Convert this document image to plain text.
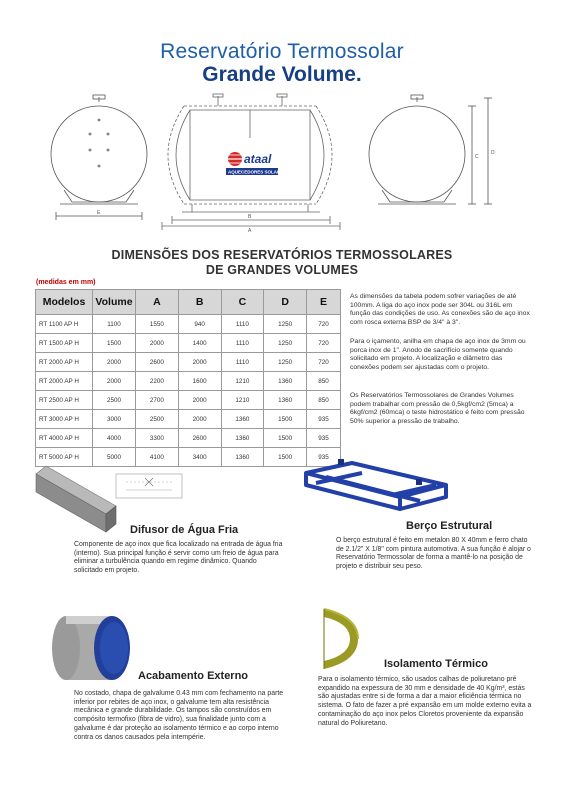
Reservatório Termossolar
Grande Volume.
E
B
A
ataal
AQUECEDORES SOLARES
C
D
DIMENSÕES DOS RESERVATÓRIOS TERMOSSOLARES
DE GRANDES VOLUMES
(medidas em mm)
Modelos	Volume	A	B	C	D	E
RT 1100 AP H	1100	1550	940	1110	1250	720
RT 1500 AP H	1500	2000	1400	1110	1250	720
RT 2000 AP H	2000	2600	2000	1110	1250	720
RT 2000 AP H	2000	2200	1600	1210	1360	850
RT 2500 AP H	2500	2700	2000	1210	1360	850
RT 3000 AP H	3000	2500	2000	1360	1500	935
RT 4000 AP H	4000	3300	2600	1360	1500	935
RT 5000 AP H	5000	4100	3400	1360	1500	935
As dimensões da tabela podem sofrer variações de até 100mm. A liga do aço inox pode ser 304L ou 316L em função das condições de uso. As conexões são de aço inox com rosca externa BSP de 3/4" à 3".
Para o içamento, anilha em chapa de aço inox de 3mm ou porca inox de 1". Anodo de sacrifício somente quando solicitado em projeto. A localização e diâmetro das conexões podem ser ajustadas com o projeto.
Os Reservatórios Termossolares de Grandes Volumes podem trabalhar com pressão de 0,5kgf/cm2 (5mca) a 6kgf/cm2 (60mca) o teste hidrostático é feito com pressão 50% superior a pressão de trabalho.
Difusor de Água Fria
Componente de aço inox que fica localizado na entrada de água fria (interno). Sua principal função é servir como um freio de água para eliminar a turbulência quando em regime dinâmico. Quando solicitado em projeto.
Berço Estrutural
O berço estrutural é feito em metalon 80 X 40mm e ferro chato de 2.1/2" X 1/8" com pintura automotiva. A sua função é alojar o Reservatório Termossolar de forma a mantê-lo na posição de projeto e distribuir seu peso.
Acabamento Externo
No costado, chapa de galvalume 0.43 mm com fechamento na parte inferior por rebites de aço inox, o galvalume tem alta resistência mecânica e grande durabilidade. Os tampos são construídos em compósito termofixo (fibra de vidro), sua finalidade junto com a galvalume é dar proteção ao isolamento térmico e ao corpo interno contra os danos causados pela intempérie.
Isolamento Térmico
Para o isolamento térmico, são usados calhas de poliuretano pré expandido na expessura de 30 mm e densidade de 40 Kg/m³, estás são ajustadas entre si de forma a dar a maior eficiência térmica no sistema. O fato de fazer a pré expansão em um molde externo evita a contaminação do aço inox pelos Cloretos proveniente da expansão natural do Poliuretano.
